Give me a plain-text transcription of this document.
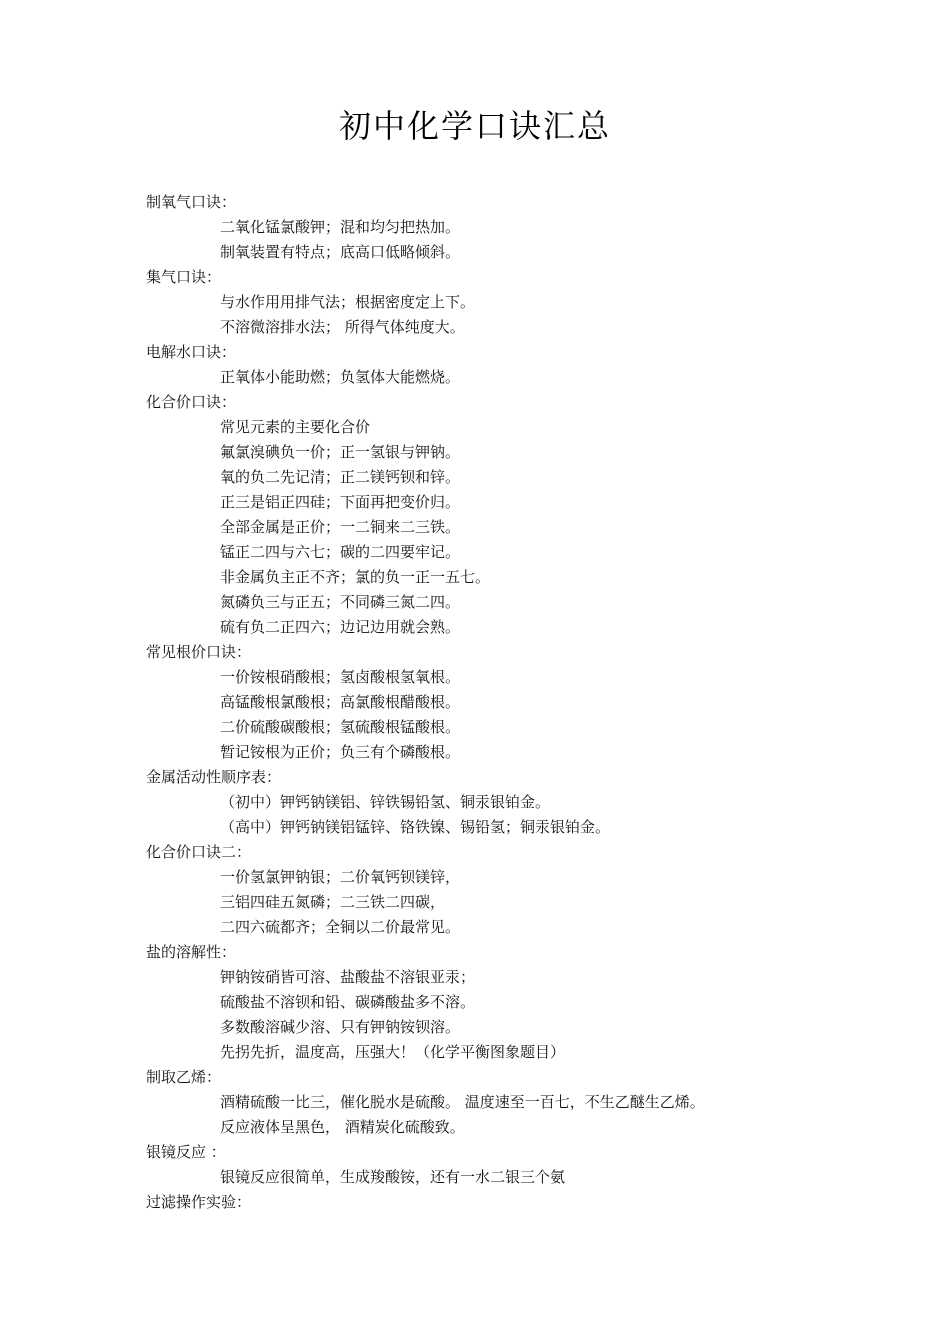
初中化学口诀汇总
制氧气口诀：
二氧化锰氯酸钾；混和均匀把热加。
制氧装置有特点；底高口低略倾斜。
集气口诀：
与水作用用排气法；根据密度定上下。
不溶微溶排水法； 所得气体纯度大。
电解水口诀：
正氧体小能助燃；负氢体大能燃烧。
化合价口诀：
常见元素的主要化合价
氟氯溴碘负一价；正一氢银与钾钠。
氧的负二先记清；正二镁钙钡和锌。
正三是铝正四硅；下面再把变价归。
全部金属是正价；一二铜来二三铁。
锰正二四与六七；碳的二四要牢记。
非金属负主正不齐；氯的负一正一五七。
氮磷负三与正五；不同磷三氮二四。
硫有负二正四六；边记边用就会熟。
常见根价口诀：
一价铵根硝酸根；氢卤酸根氢氧根。
高锰酸根氯酸根；高氯酸根醋酸根。
二价硫酸碳酸根；氢硫酸根锰酸根。
暂记铵根为正价；负三有个磷酸根。
金属活动性顺序表：
（初中）钾钙钠镁铝、锌铁锡铅氢、铜汞银铂金。
（高中）钾钙钠镁铝锰锌、铬铁镍、锡铅氢；铜汞银铂金。
化合价口诀二：
一价氢氯钾钠银；二价氧钙钡镁锌，
三铝四硅五氮磷；二三铁二四碳，
二四六硫都齐；全铜以二价最常见。
盐的溶解性：
钾钠铵硝皆可溶、盐酸盐不溶银亚汞；
硫酸盐不溶钡和铅、碳磷酸盐多不溶。
多数酸溶碱少溶、只有钾钠铵钡溶。
先拐先折，温度高，压强大！（化学平衡图象题目）
制取乙烯：
酒精硫酸一比三，催化脱水是硫酸。 温度速至一百七，不生乙醚生乙烯。
反应液体呈黑色， 酒精炭化硫酸致。
银镜反应 ：
银镜反应很简单，生成羧酸铵，还有一水二银三个氨
过滤操作实验：
